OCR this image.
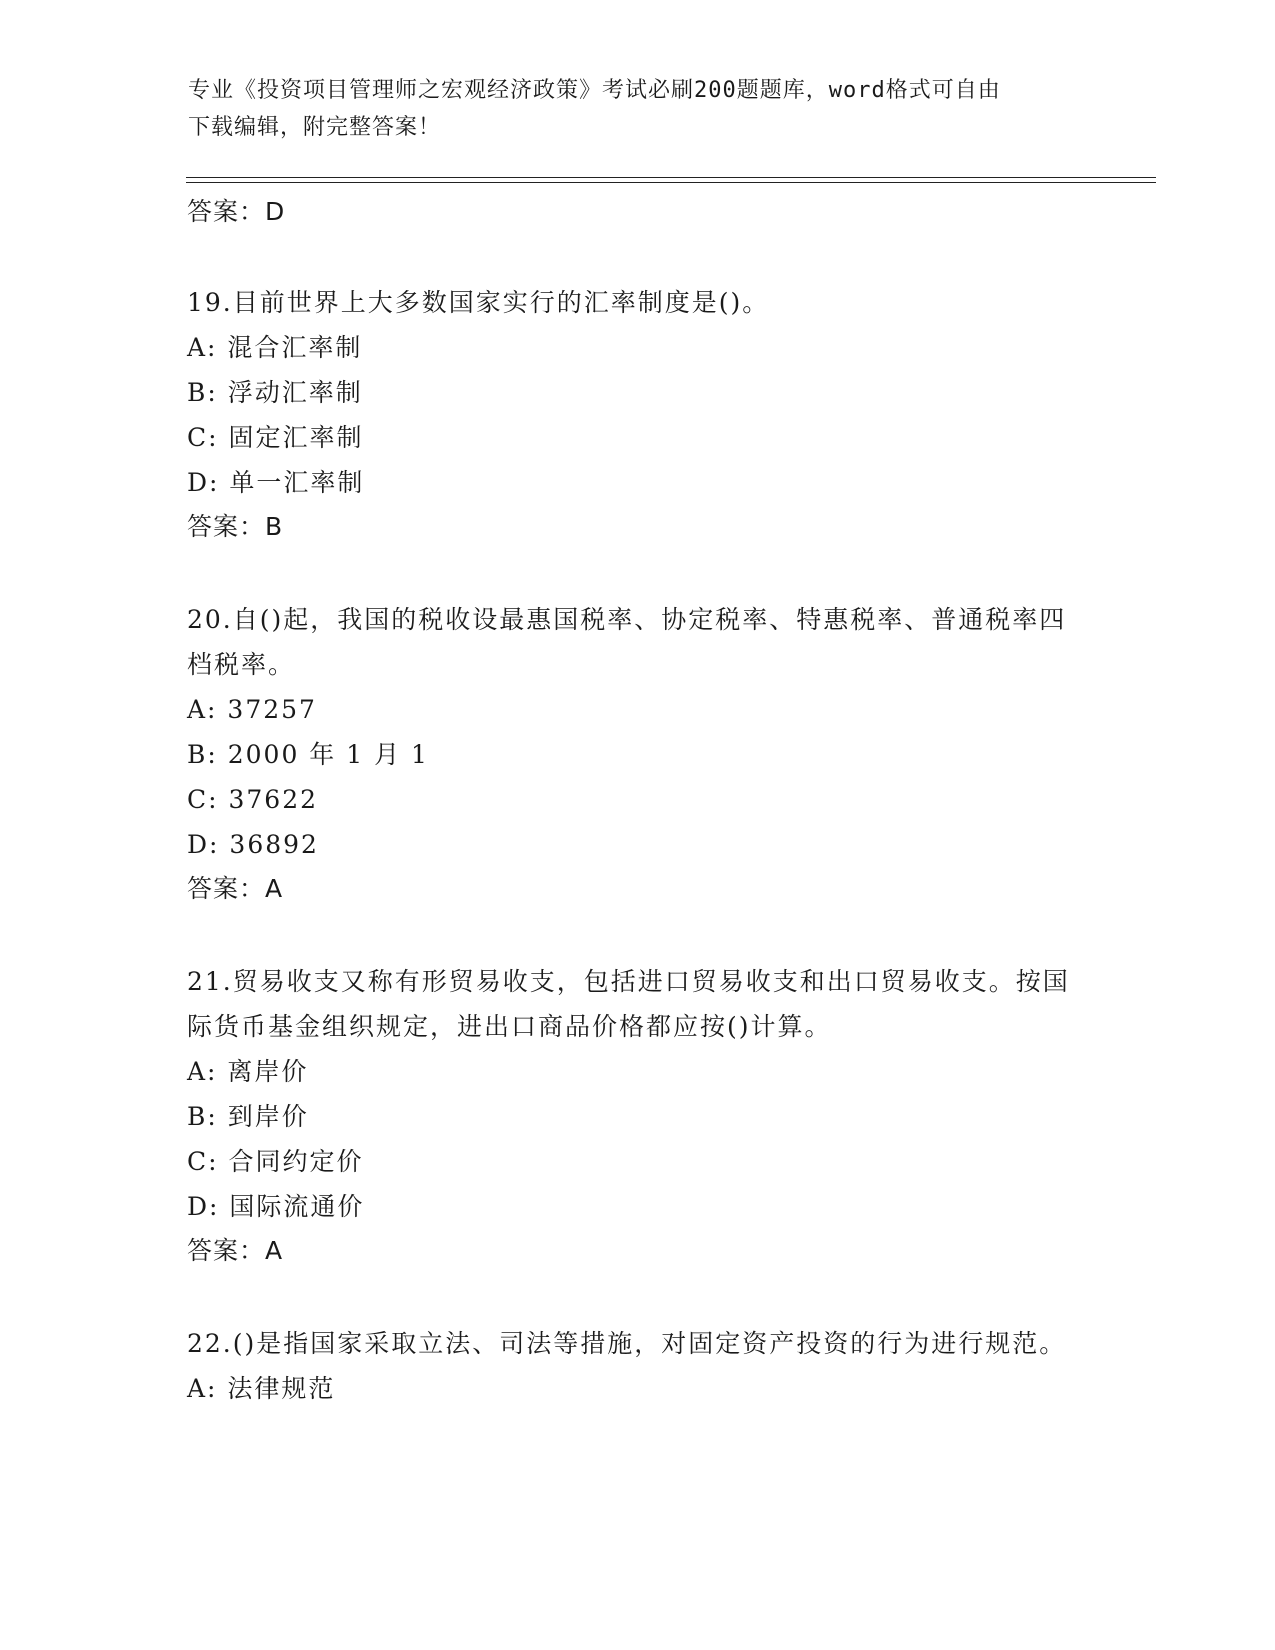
专业《投资项目管理师之宏观经济政策》考试必刷200题题库，word格式可自由
下载编辑，附完整答案！
答案：D
19.目前世界上大多数国家实行的汇率制度是()。
A: 混合汇率制
B: 浮动汇率制
C: 固定汇率制
D: 单一汇率制
答案：B
20.自()起，我国的税收设最惠国税率、协定税率、特惠税率、普通税率四档税率。
A: 37257
B: 2000 年 1 月 1
C: 37622
D: 36892
答案：A
21.贸易收支又称有形贸易收支，包括进口贸易收支和出口贸易收支。按国际货币基金组织规定，进出口商品价格都应按()计算。
A: 离岸价
B: 到岸价
C: 合同约定价
D: 国际流通价
答案：A
22.()是指国家采取立法、司法等措施，对固定资产投资的行为进行规范。
A: 法律规范
